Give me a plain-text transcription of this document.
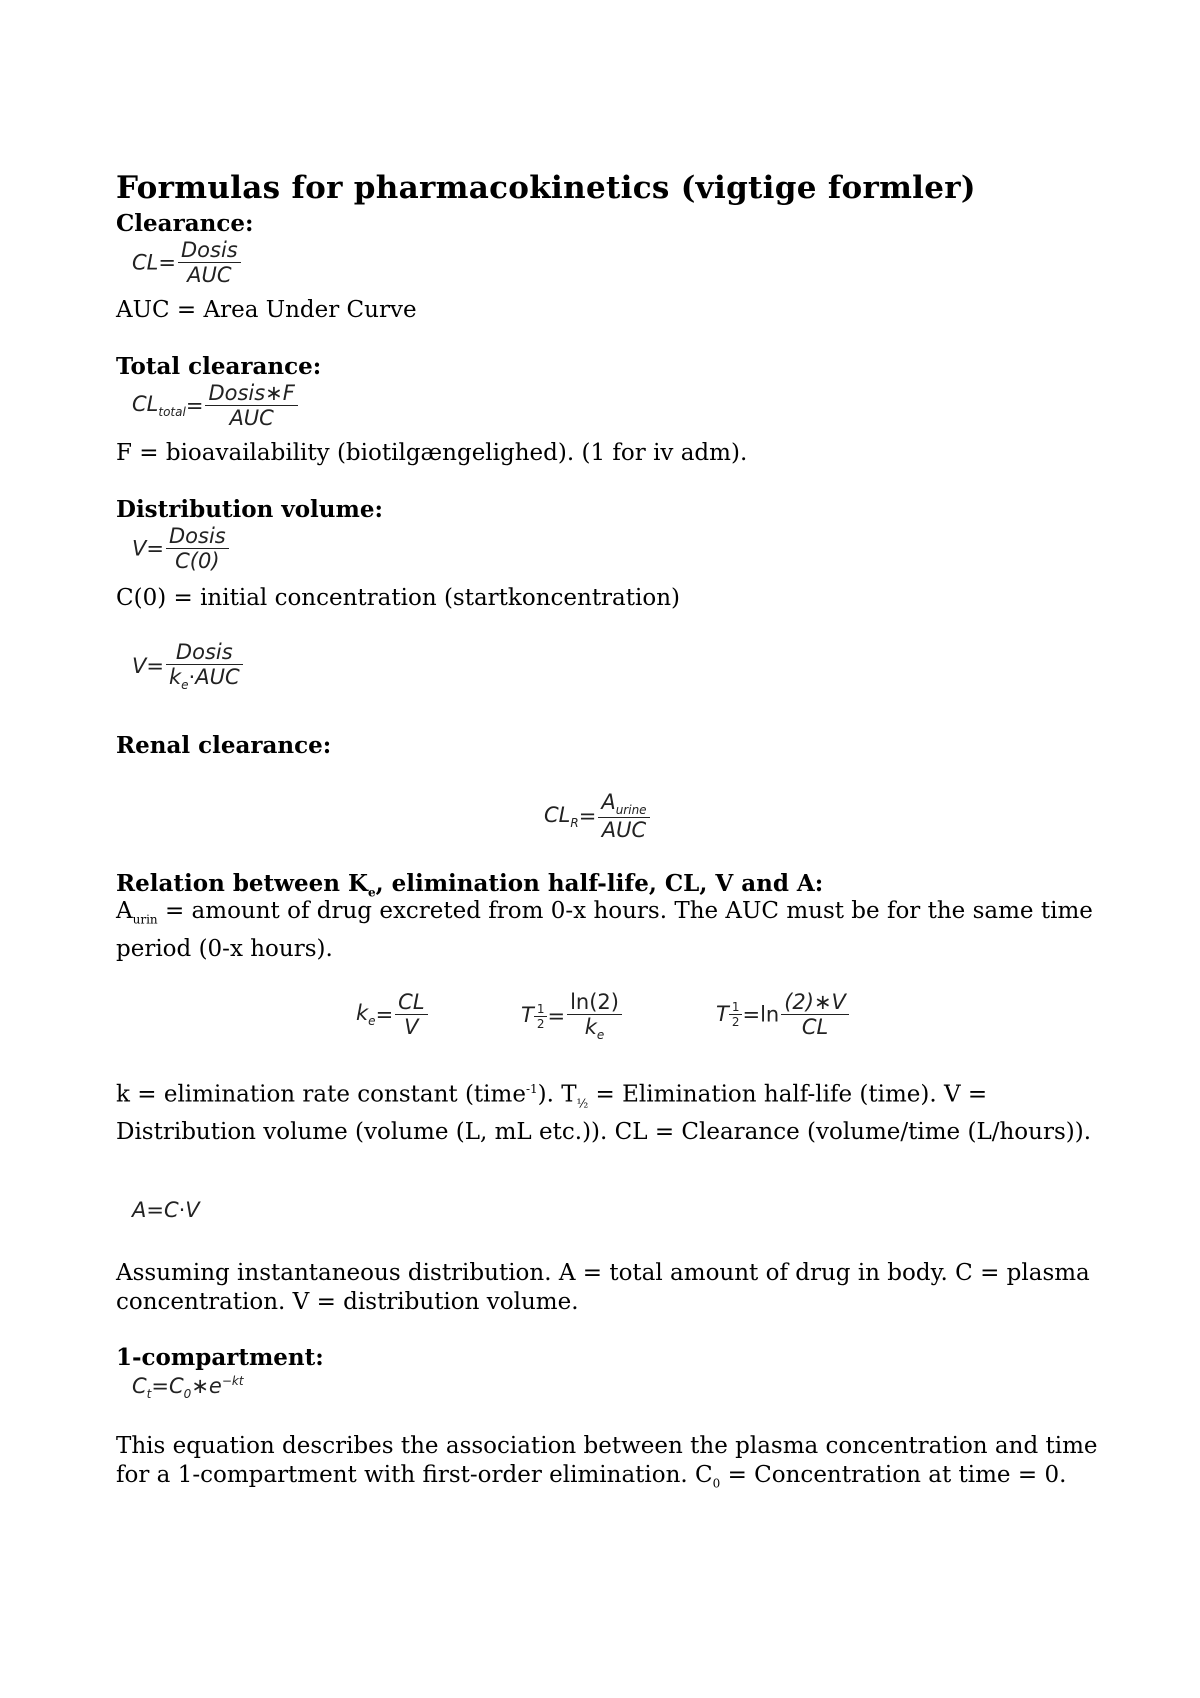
Formulas for pharmacokinetics (vigtige formler)
Clearance:
$CL= \frac{\text{Dosis}}{\text{AUC}}$
AUC = Area Under Curve
Total clearance:
$CL_{total}= \frac{\text{Dosis∗F}}{\text{AUC}}$
F = bioavailability (biotilgængelighed). (1 for iv adm).
Distribution volume:
$V= \frac{\text{Dosis}}{C(0)}$
C(0) = initial concentration (startkoncentration)
$V= \frac{\text{Dosis}}{k_e\cdot AUC}$
Renal clearance:
$CL_R= \frac{A_{urine}}{\text{AUC}}$
Relation between $K_e$, elimination half-life, CL, V and A:
$A_{urin}$ = amount of drug excreted from 0-x hours. The AUC must be for the same time period (0-x hours).
$k_e= \frac{CL}{V}$	T $\frac{1}{2} = \frac{\ln(2)}{k_e}$	T $\frac{1}{2} =\ln \frac{(2)∗V}{CL}$
k = elimination rate constant (time$^{-1}$). $T_{\frac{1}{2}}$ = Elimination half-life (time). V = Distribution volume (volume (L, mL etc.)). CL = Clearance (volume/time (L/hours)).
A=C⋅V
Assuming instantaneous distribution. A = total amount of drug in body. C = plasma concentration. V = distribution volume.
1-compartment:
$C_t=C_0∗e^{-kt}$
This equation describes the association between the plasma concentration and time for a 1-compartment with first-order elimination. $C_0$ = Concentration at time = 0.
